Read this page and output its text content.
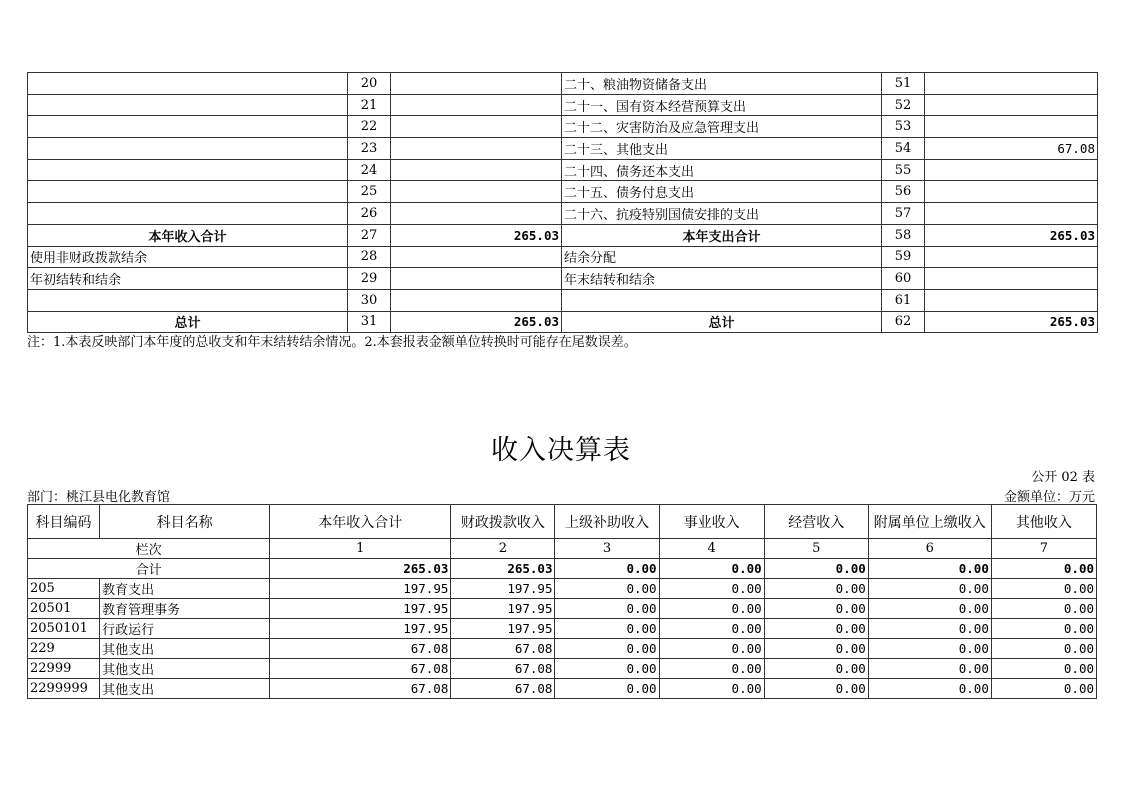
	20		二十、粮油物资储备支出	51	
	21		二十一、国有资本经营预算支出	52	
	22		二十二、灾害防治及应急管理支出	53	
	23		二十三、其他支出	54	67.08
	24		二十四、债务还本支出	55	
	25		二十五、债务付息支出	56	
	26		二十六、抗疫特别国债安排的支出	57	
本年收入合计	27	265.03	本年支出合计	58	265.03
使用非财政拨款结余	28		结余分配	59	
年初结转和结余	29		年末结转和结余	60	
	30			61	
总计	31	265.03	总计	62	265.03
注：1.本表反映部门本年度的总收支和年末结转结余情况。2.本套报表金额单位转换时可能存在尾数误差。
收入决算表
公开 02 表
部门：桃江县电化教育馆	金额单位：万元
科目编码	科目名称	本年收入合计	财政拨款收入	上级补助收入	事业收入	经营收入	附属单位上缴收入	其他收入
栏次		1	2	3	4	5	6	7
合计		265.03	265.03	0.00	0.00	0.00	0.00	0.00
205	教育支出	197.95	197.95	0.00	0.00	0.00	0.00	0.00
20501	教育管理事务	197.95	197.95	0.00	0.00	0.00	0.00	0.00
2050101	行政运行	197.95	197.95	0.00	0.00	0.00	0.00	0.00
229	其他支出	67.08	67.08	0.00	0.00	0.00	0.00	0.00
22999	其他支出	67.08	67.08	0.00	0.00	0.00	0.00	0.00
2299999	其他支出	67.08	67.08	0.00	0.00	0.00	0.00	0.00
